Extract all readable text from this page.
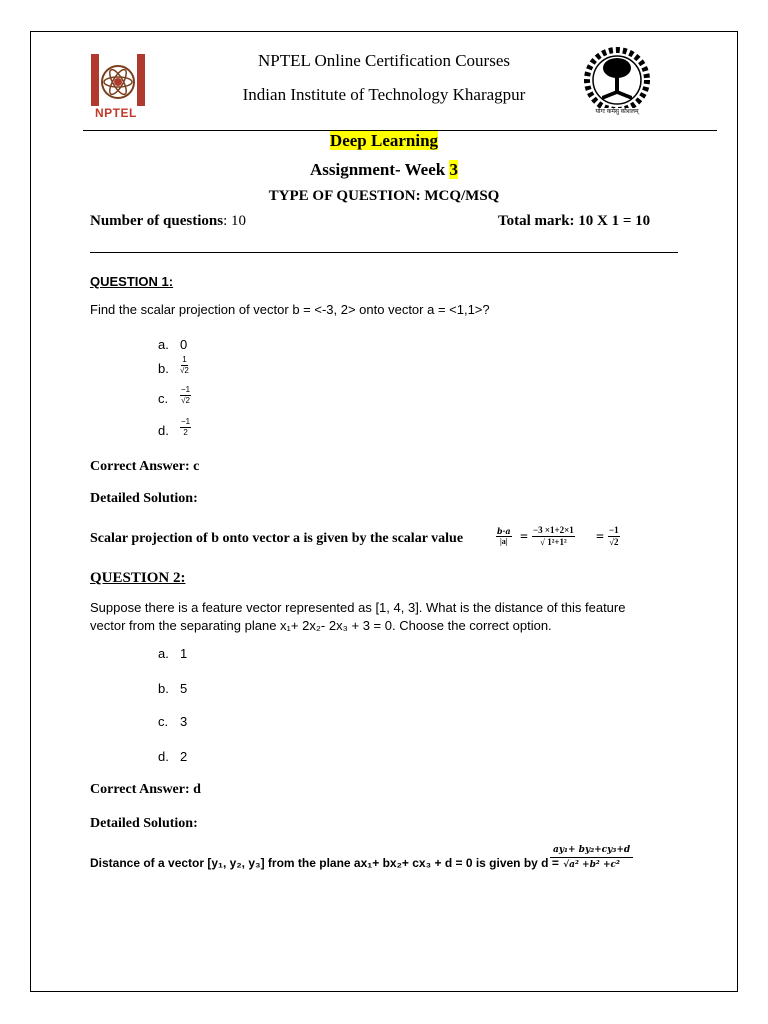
NPTEL	योगः कर्मसु कौशलम्
NPTEL Online Certification Courses
Indian Institute of Technology Kharagpur
Deep Learning
Assignment- Week 3
TYPE OF QUESTION: MCQ/MSQ
Number of questions: 10	Total mark: 10 X 1 = 10
QUESTION 1:
Find the scalar projection of vector b = <-3, 2> onto vector a = <1,1>?
a. 0
b. $\frac{1}{√2}$
c. $\frac{-1}{√2}$
d. $\frac{-1}{2}$
Correct Answer: c
Detailed Solution:
Scalar projection of b onto vector a is given by the scalar value	$\frac{b\cdot a}{|a|} = \frac{-3 \times 1+2\times 1}{\text{√ 1²+1²}} = \frac{-1}{√2}$
QUESTION 2:
Suppose there is a feature vector represented as [1, 4, 3]. What is the distance of this feature
vector from the separating plane x₁+ 2x₂- 2x₃ + 3 = 0. Choose the correct option.
a. 1
b. 5
c. 3
d. 2
Correct Answer: d
Detailed Solution:
Distance of a vector [y₁, y₂, y₃] from the plane ax₁+ bx₂+ cx₃ + d = 0 is given by d =
$\frac{\text{ay₁+ by₂+cy₃+d}}{\text{√a² +b² +c²}}$
